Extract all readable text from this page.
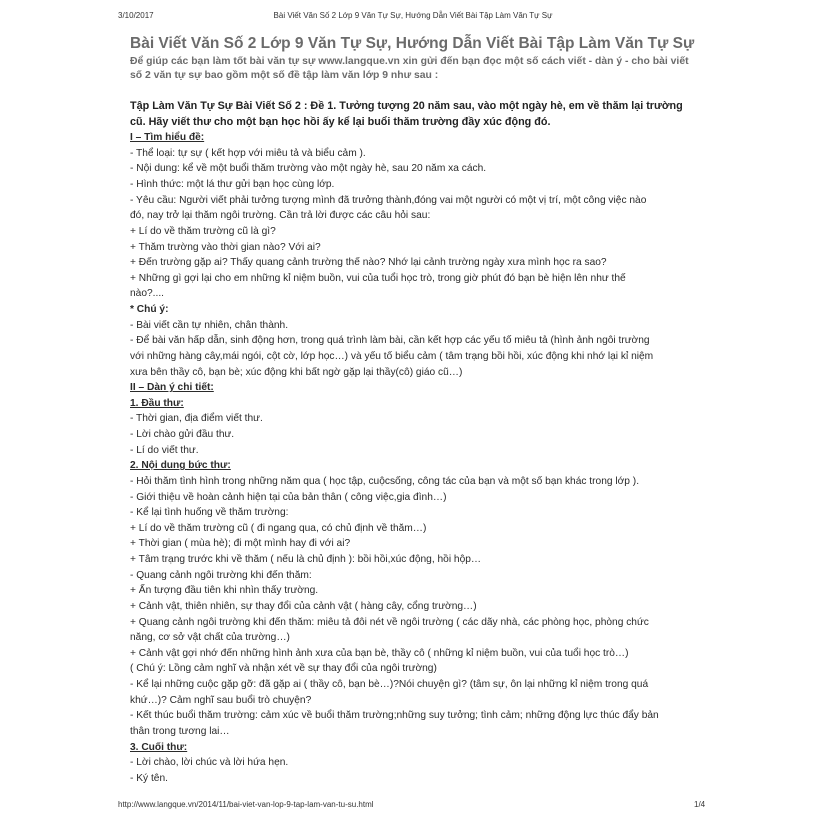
3/10/2017	Bài Viết Văn Số 2 Lớp 9 Văn Tự Sự, Hướng Dẫn Viết Bài Tập Làm Văn Tự Sự
Bài Viết Văn Số 2 Lớp 9 Văn Tự Sự, Hướng Dẫn Viết Bài Tập Làm Văn Tự Sự

Để giúp các bạn làm tốt bài văn tự sự www.langque.vn xin gửi đến bạn đọc một số cách viết - dàn ý - cho bài viết số 2 văn tự sự bao gồm một số đề tập làm văn lớp 9 như sau :

Tập Làm Văn Tự Sự Bài Viết Số 2 : Đề 1. Tưởng tượng 20 năm sau, vào một ngày hè, em về thăm lại trường cũ. Hãy viết thư cho một bạn học hồi ấy kể lại buổi thăm trường đầy xúc động đó.

I – Tìm hiểu đề:
- Thể loại: tự sự ( kết hợp với miêu tả và biểu cảm ).
- Nội dung: kể về một buổi thăm trường vào một ngày hè, sau 20 năm xa cách.
- Hình thức: một lá thư gửi bạn học cùng lớp.
- Yêu cầu: Người viết phải tưởng tượng mình đã trưởng thành,đóng vai một người có một vị trí, một công việc nào
đó, nay trở lại thăm ngôi trường. Cần trả lời được các câu hỏi sau:
+ Lí do về thăm trường cũ là gì?
+ Thăm trường vào thời gian nào? Với ai?
+ Đến trường gặp ai? Thấy quang cảnh trường thế nào? Nhớ lại cảnh trường ngày xưa mình học ra sao?
+ Những gì gợi lại cho em những kỉ niệm buồn, vui của tuổi học trò, trong giờ phút đó bạn bè hiện lên như thế
nào?....
* Chú ý:
- Bài viết cần tự nhiên, chân thành.
- Để bài văn hấp dẫn, sinh động hơn, trong quá trình làm bài, cần kết hợp các yếu tố miêu tả (hình ảnh ngôi trường
với những hàng cây,mái ngói, cột cờ, lớp học…) và yếu tố biểu cảm ( tâm trạng bồi hồi, xúc động khi nhớ lại kỉ niệm
xưa bên thầy cô, bạn bè; xúc động khi bất ngờ gặp lại thầy(cô) giáo cũ…)
II – Dàn ý chi tiết:
1. Đầu thư:
- Thời gian, địa điểm viết thư.
- Lời chào gửi đầu thư.
- Lí do viết thư.
2. Nội dung bức thư:
- Hỏi thăm tình hình trong những năm qua ( học tập, cuộcsống, công tác của bạn và một số bạn khác trong lớp ).
- Giới thiệu về hoàn cảnh hiện tại của bản thân ( công việc,gia đình…)
- Kể lại tình huống về thăm trường:
+ Lí do về thăm trường cũ ( đi ngang qua, có chủ định về thăm…)
+ Thời gian ( mùa hè); đi một mình hay đi với ai?
+ Tâm trạng trước khi về thăm ( nếu là chủ định ): bồi hồi,xúc động, hồi hộp…
- Quang cảnh ngôi trường khi đến thăm:
+ Ấn tượng đầu tiên khi nhìn thấy trường.
+ Cảnh vật, thiên nhiên, sự thay đổi của cảnh vật ( hàng cây, cổng trường…)
+ Quang cảnh ngôi trường khi đến thăm: miêu tả đôi nét về ngôi trường ( các dãy nhà, các phòng học, phòng chức
năng, cơ sở vật chất của trường…)
+ Cảnh vật gợi nhớ đến những hình ảnh xưa của bạn bè, thầy cô ( những kỉ niệm buồn, vui của tuổi học trò…)
( Chú ý: Lồng cảm nghĩ và nhận xét về sự thay đổi của ngôi trường)
- Kể lại những cuộc gặp gỡ: đã gặp ai ( thầy cô, bạn bè…)?Nói chuyện gì? (tâm sự, ôn lại những kỉ niệm trong quá
khứ…)? Cảm nghĩ sau buổi trò chuyện?
- Kết thúc buổi thăm trường: cảm xúc về buổi thăm trường;những suy tưởng; tình cảm; những động lực thúc đẩy bản
thân trong tương lai…
3. Cuối thư:
- Lời chào, lời chúc và lời hứa hẹn.
- Ký tên.
http://www.langque.vn/2014/11/bai-viet-van-lop-9-tap-lam-van-tu-su.html	1/4
